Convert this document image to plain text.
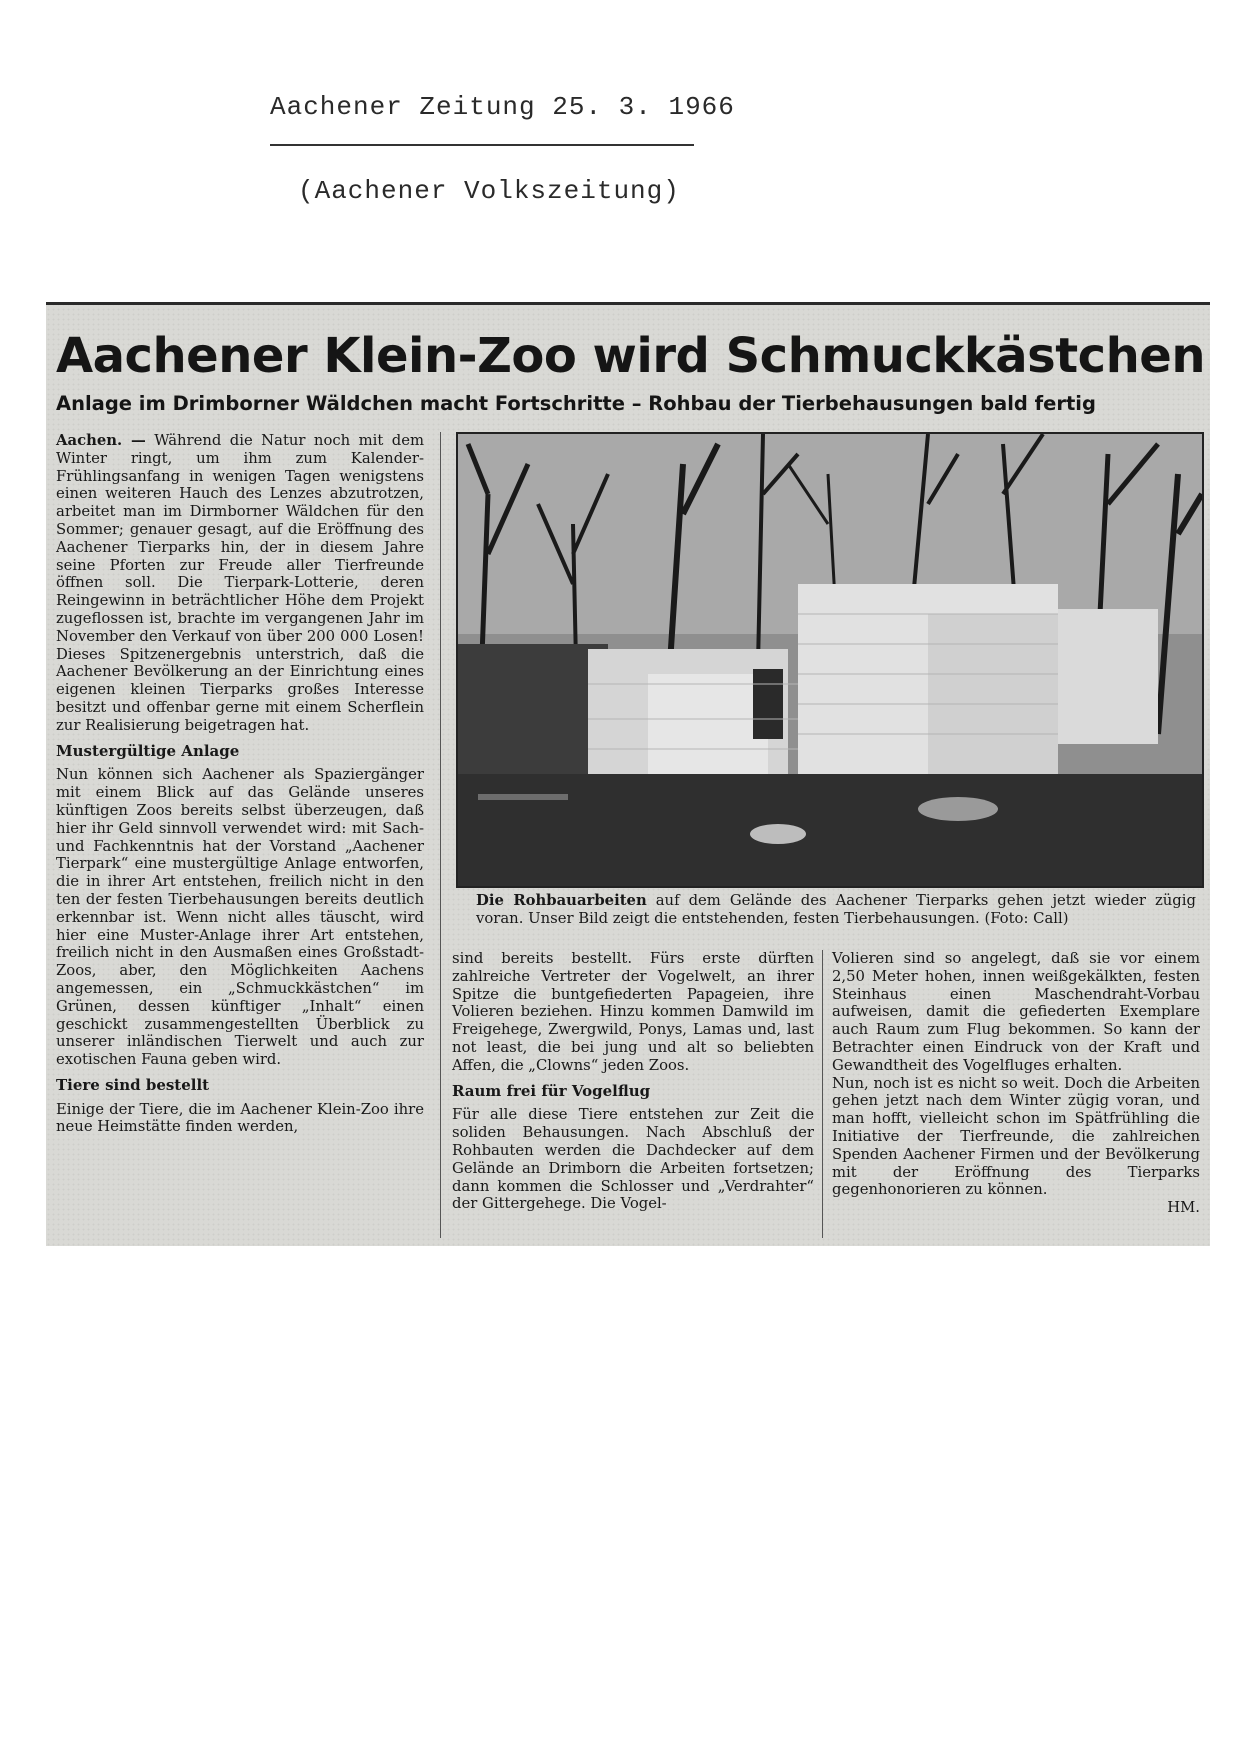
Aachener Zeitung 25. 3. 1966
(Aachener Volkszeitung)
Aachener Klein-Zoo wird Schmuckkästchen
Anlage im Drimborner Wäldchen macht Fortschritte – Rohbau der Tierbehausungen bald fertig

Aachen. — Während die Natur noch mit dem Winter ringt, um ihm zum Kalender-Frühlingsanfang in wenigen Tagen wenigstens einen weiteren Hauch des Lenzes abzutrotzen, arbeitet man im Dirmborner Wäldchen für den Sommer; genauer gesagt, auf die Eröffnung des Aachener Tierparks hin, der in diesem Jahre seine Pforten zur Freude aller Tierfreunde öffnen soll. Die Tierpark-Lotterie, deren Reingewinn in beträchtlicher Höhe dem Projekt zugeflossen ist, brachte im vergangenen Jahr im November den Verkauf von über 200 000 Losen! Dieses Spitzenergebnis unterstrich, daß die Aachener Bevölkerung an der Einrichtung eines eigenen kleinen Tierparks großes Interesse besitzt und offenbar gerne mit einem Scherflein zur Realisierung beigetragen hat.

Mustergültige Anlage

Nun können sich Aachener als Spaziergänger mit einem Blick auf das Gelände unseres künftigen Zoos bereits selbst überzeugen, daß hier ihr Geld sinnvoll verwendet wird: mit Sach- und Fachkenntnis hat der Vorstand „Aachener Tierpark“ eine mustergültige Anlage entworfen, die in ihrer Art entstehen, freilich nicht in den ten der festen Tierbehausungen bereits deutlich erkennbar ist. Wenn nicht alles täuscht, wird hier eine Muster-Anlage ihrer Art entstehen, freilich nicht in den Ausmaßen eines Großstadt-Zoos, aber, den Möglichkeiten Aachens angemessen, ein „Schmuckkästchen“ im Grünen, dessen künftiger „Inhalt“ einen geschickt zusammengestellten Überblick zu unserer inländischen Tierwelt und auch zur exotischen Fauna geben wird.

Tiere sind bestellt

Einige der Tiere, die im Aachener Klein-Zoo ihre neue Heimstätte finden werden,

Die Rohbauarbeiten auf dem Gelände des Aachener Tierparks gehen jetzt wieder zügig voran. Unser Bild zeigt die entstehenden, festen Tierbehausungen. (Foto: Call)

sind bereits bestellt. Fürs erste dürften zahlreiche Vertreter der Vogelwelt, an ihrer Spitze die buntgefiederten Papageien, ihre Volieren beziehen. Hinzu kommen Damwild im Freigehege, Zwergwild, Ponys, Lamas und, last not least, die bei jung und alt so beliebten Affen, die „Clowns“ jeden Zoos.

Raum frei für Vogelflug

Für alle diese Tiere entstehen zur Zeit die soliden Behausungen. Nach Abschluß der Rohbauten werden die Dachdecker auf dem Gelände an Drimborn die Arbeiten fortsetzen; dann kommen die Schlosser und „Verdrahter“ der Gittergehege. Die Vogel-

Volieren sind so angelegt, daß sie vor einem 2,50 Meter hohen, innen weißgekälkten, festen Steinhaus einen Maschendraht-Vorbau aufweisen, damit die gefiederten Exemplare auch Raum zum Flug bekommen. So kann der Betrachter einen Eindruck von der Kraft und Gewandtheit des Vogelfluges erhalten.

Nun, noch ist es nicht so weit. Doch die Arbeiten gehen jetzt nach dem Winter zügig voran, und man hofft, vielleicht schon im Spätfrühling die Initiative der Tierfreunde, die zahlreichen Spenden Aachener Firmen und der Bevölkerung mit der Eröffnung des Tierparks gegenhonorieren zu können.

HM.
